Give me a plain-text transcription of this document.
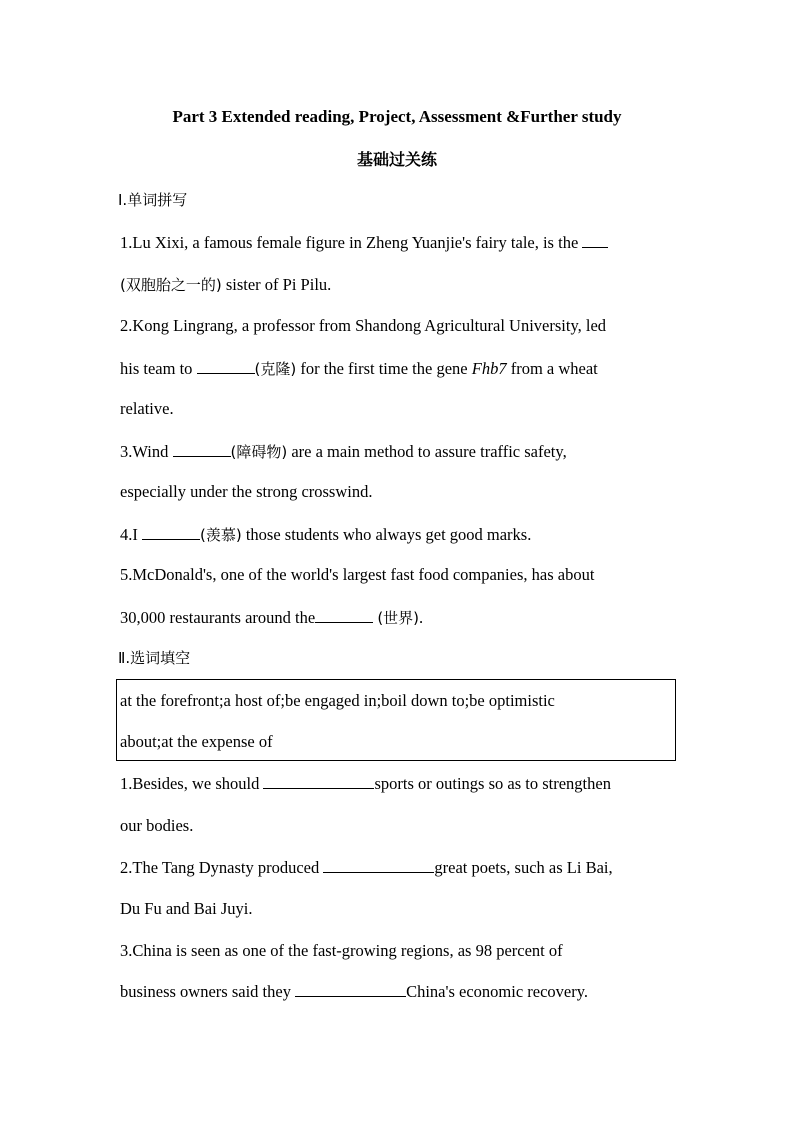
Part 3 Extended reading, Project, Assessment &Further study
基础过关练
Ⅰ.单词拼写
1.Lu Xixi, a famous female figure in Zheng Yuanjie's fairy tale, is the
(双胞胎之一的) sister of Pi Pilu.
2.Kong Lingrang, a professor from Shandong Agricultural University, led
his team to	(克隆) for the first time the gene Fhb7 from a wheat
relative.
3.Wind	(障碍物) are a main method to assure traffic safety,
especially under the strong crosswind.
4.I	(羡慕) those students who always get good marks.
5.McDonald's, one of the world's largest fast food companies, has about
30,000 restaurants around the	(世界).
Ⅱ.选词填空
at the forefront;a host of;be engaged in;boil down to;be optimistic
about;at the expense of
1.Besides, we should	sports or outings so as to strengthen
our bodies.
2.The Tang Dynasty produced	great poets, such as Li Bai,
Du Fu and Bai Juyi.
3.China is seen as one of the fast-growing regions, as 98 percent of
business owners said they	China's economic recovery.
